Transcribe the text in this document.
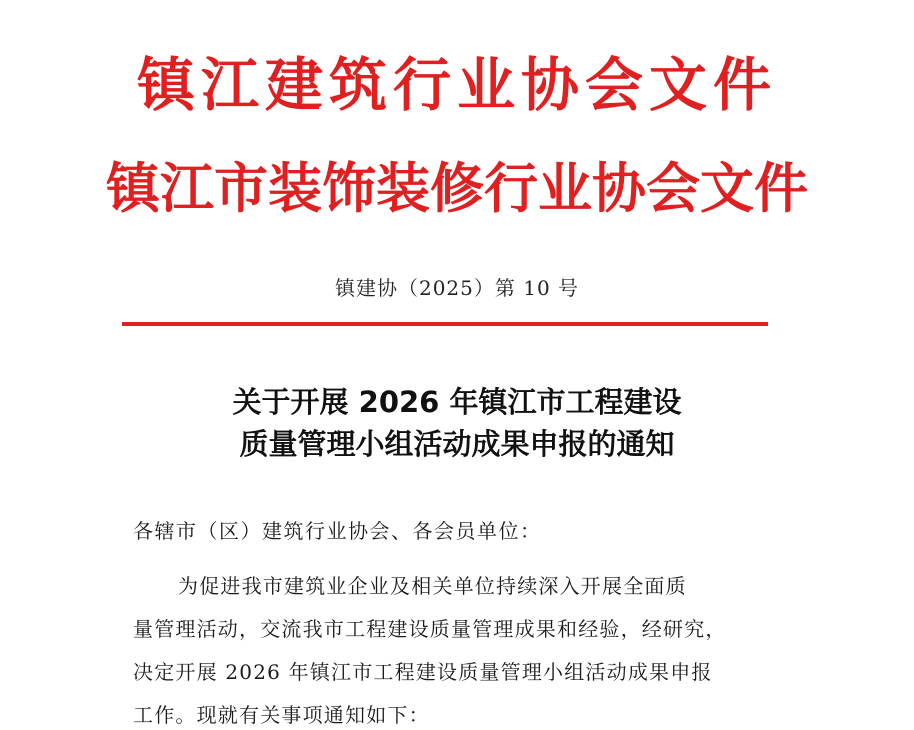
镇江建筑行业协会文件
镇江市装饰装修行业协会文件
镇建协（2025）第 10 号
关于开展 2026 年镇江市工程建设
质量管理小组活动成果申报的通知
各辖市（区）建筑行业协会、各会员单位：
为促进我市建筑业企业及相关单位持续深入开展全面质
量管理活动，交流我市工程建设质量管理成果和经验，经研究，
决定开展 2026 年镇江市工程建设质量管理小组活动成果申报
工作。现就有关事项通知如下：
